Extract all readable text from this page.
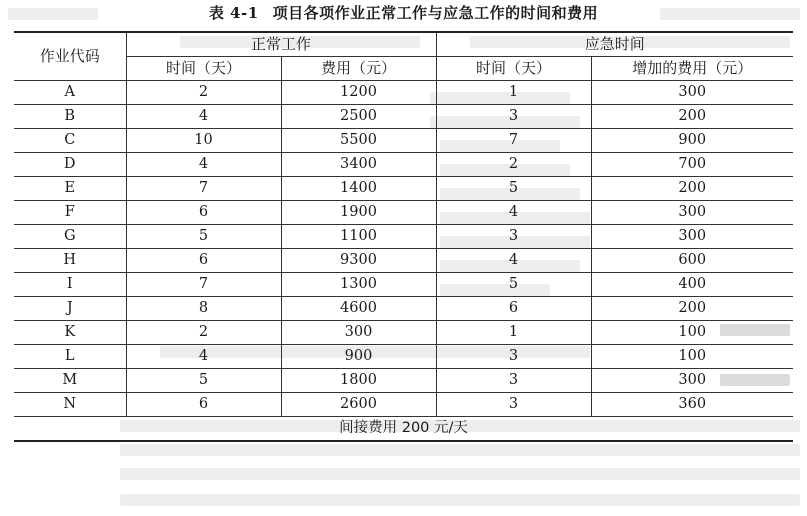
表 4-1 项目各项作业正常工作与应急工作的时间和费用
作业代码	正常工作		应急时间	
	时间（天）	费用（元）	时间（天）	增加的费用（元）
A	2	1200	1	300
B	4	2500	3	200
C	10	5500	7	900
D	4	3400	2	700
E	7	1400	5	200
F	6	1900	4	300
G	5	1100	3	300
H	6	9300	4	600
I	7	1300	5	400
J	8	4600	6	200
K	2	300	1	100
L	4	900	3	100
M	5	1800	3	300
N	6	2600	3	360
间接费用 200 元/天				
